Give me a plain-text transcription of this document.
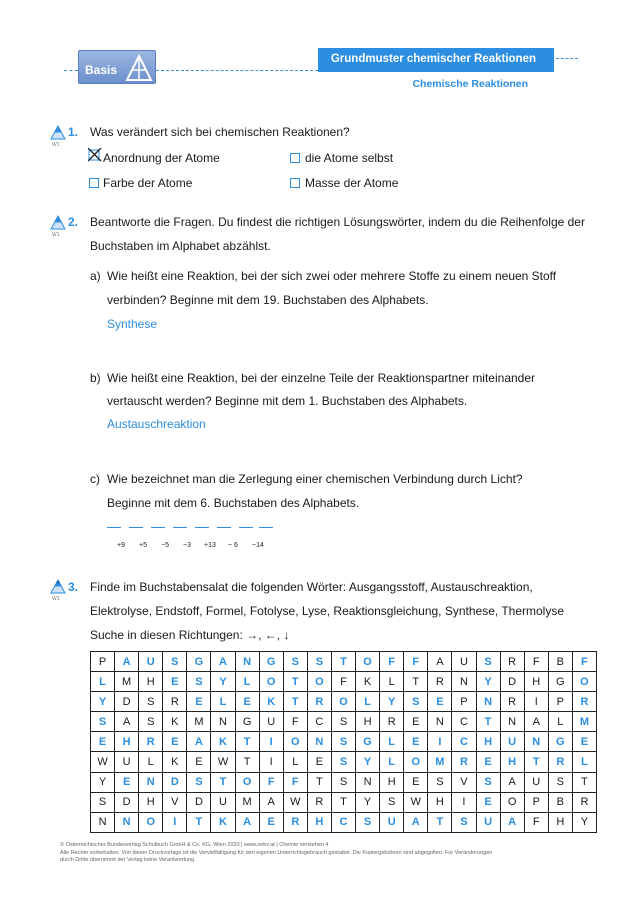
Basis
Grundmuster chemischer Reaktionen
Chemische Reaktionen
W1
1. Was verändert sich bei chemischen Reaktionen?
Anordnung der Atome	die Atome selbst
Farbe der Atome	Masse der Atome
W1
2. Beantworte die Fragen. Du findest die richtigen Lösungswörter, indem du die Reihenfolge der
Buchstaben im Alphabet abzählst.
a) Wie heißt eine Reaktion, bei der sich zwei oder mehrere Stoffe zu einem neuen Stoff
verbinden? Beginne mit dem 19. Buchstaben des Alphabets.
Synthese
b) Wie heißt eine Reaktion, bei der einzelne Teile der Reaktionspartner miteinander
vertauscht werden? Beginne mit dem 1. Buchstaben des Alphabets.
Austauschreaktion
c) Wie bezeichnet man die Zerlegung einer chemischen Verbindung durch Licht?
Beginne mit dem 6. Buchstaben des Alphabets.
+9 +5 −5 −3 +13 − 6 −14
W1
3. Finde im Buchstabensalat die folgenden Wörter: Ausgangsstoff, Austauschreaktion,
Elektrolyse, Endstoff, Formel, Fotolyse, Lyse, Reaktionsgleichung, Synthese, Thermolyse
Suche in diesen Richtungen: →, ←, ↓
P	A	U	S	G	A	N	G	S	S	T	O	F	F	A	U	S	R	F	B	F
L	M	H	E	S	Y	L	O	T	O	F	K	L	T	R	N	Y	D	H	G	O
Y	D	S	R	E	L	E	K	T	R	O	L	Y	S	E	P	N	R	I	P	R
S	A	S	K	M	N	G	U	F	C	S	H	R	E	N	C	T	N	A	L	M
E	H	R	E	A	K	T	I	O	N	S	G	L	E	I	C	H	U	N	G	E
W	U	L	K	E	W	T	I	L	E	S	Y	L	O	M	R	E	H	T	R	L
Y	E	N	D	S	T	O	F	F	T	S	N	H	E	S	V	S	A	U	S	T
S	D	H	V	D	U	M	A	W	R	T	Y	S	W	H	I	E	O	P	B	R
N	N	O	I	T	K	A	E	R	H	C	S	U	A	T	S	U	A	F	H	Y
© Österreichischer Bundesverlag Schulbuch GmbH & Co. KG, Wien 2020 | www.oebv.at | Chemie verstehen 4
Alle Rechte vorbehalten. Von dieser Druckvorlage ist die Vervielfältigung für den eigenen Unterrichtsgebrauch gestattet. Die Kopiergebühren sind abgegolten. Für Veränderungen
durch Dritte übernimmt der Verlag keine Verantwortung.
